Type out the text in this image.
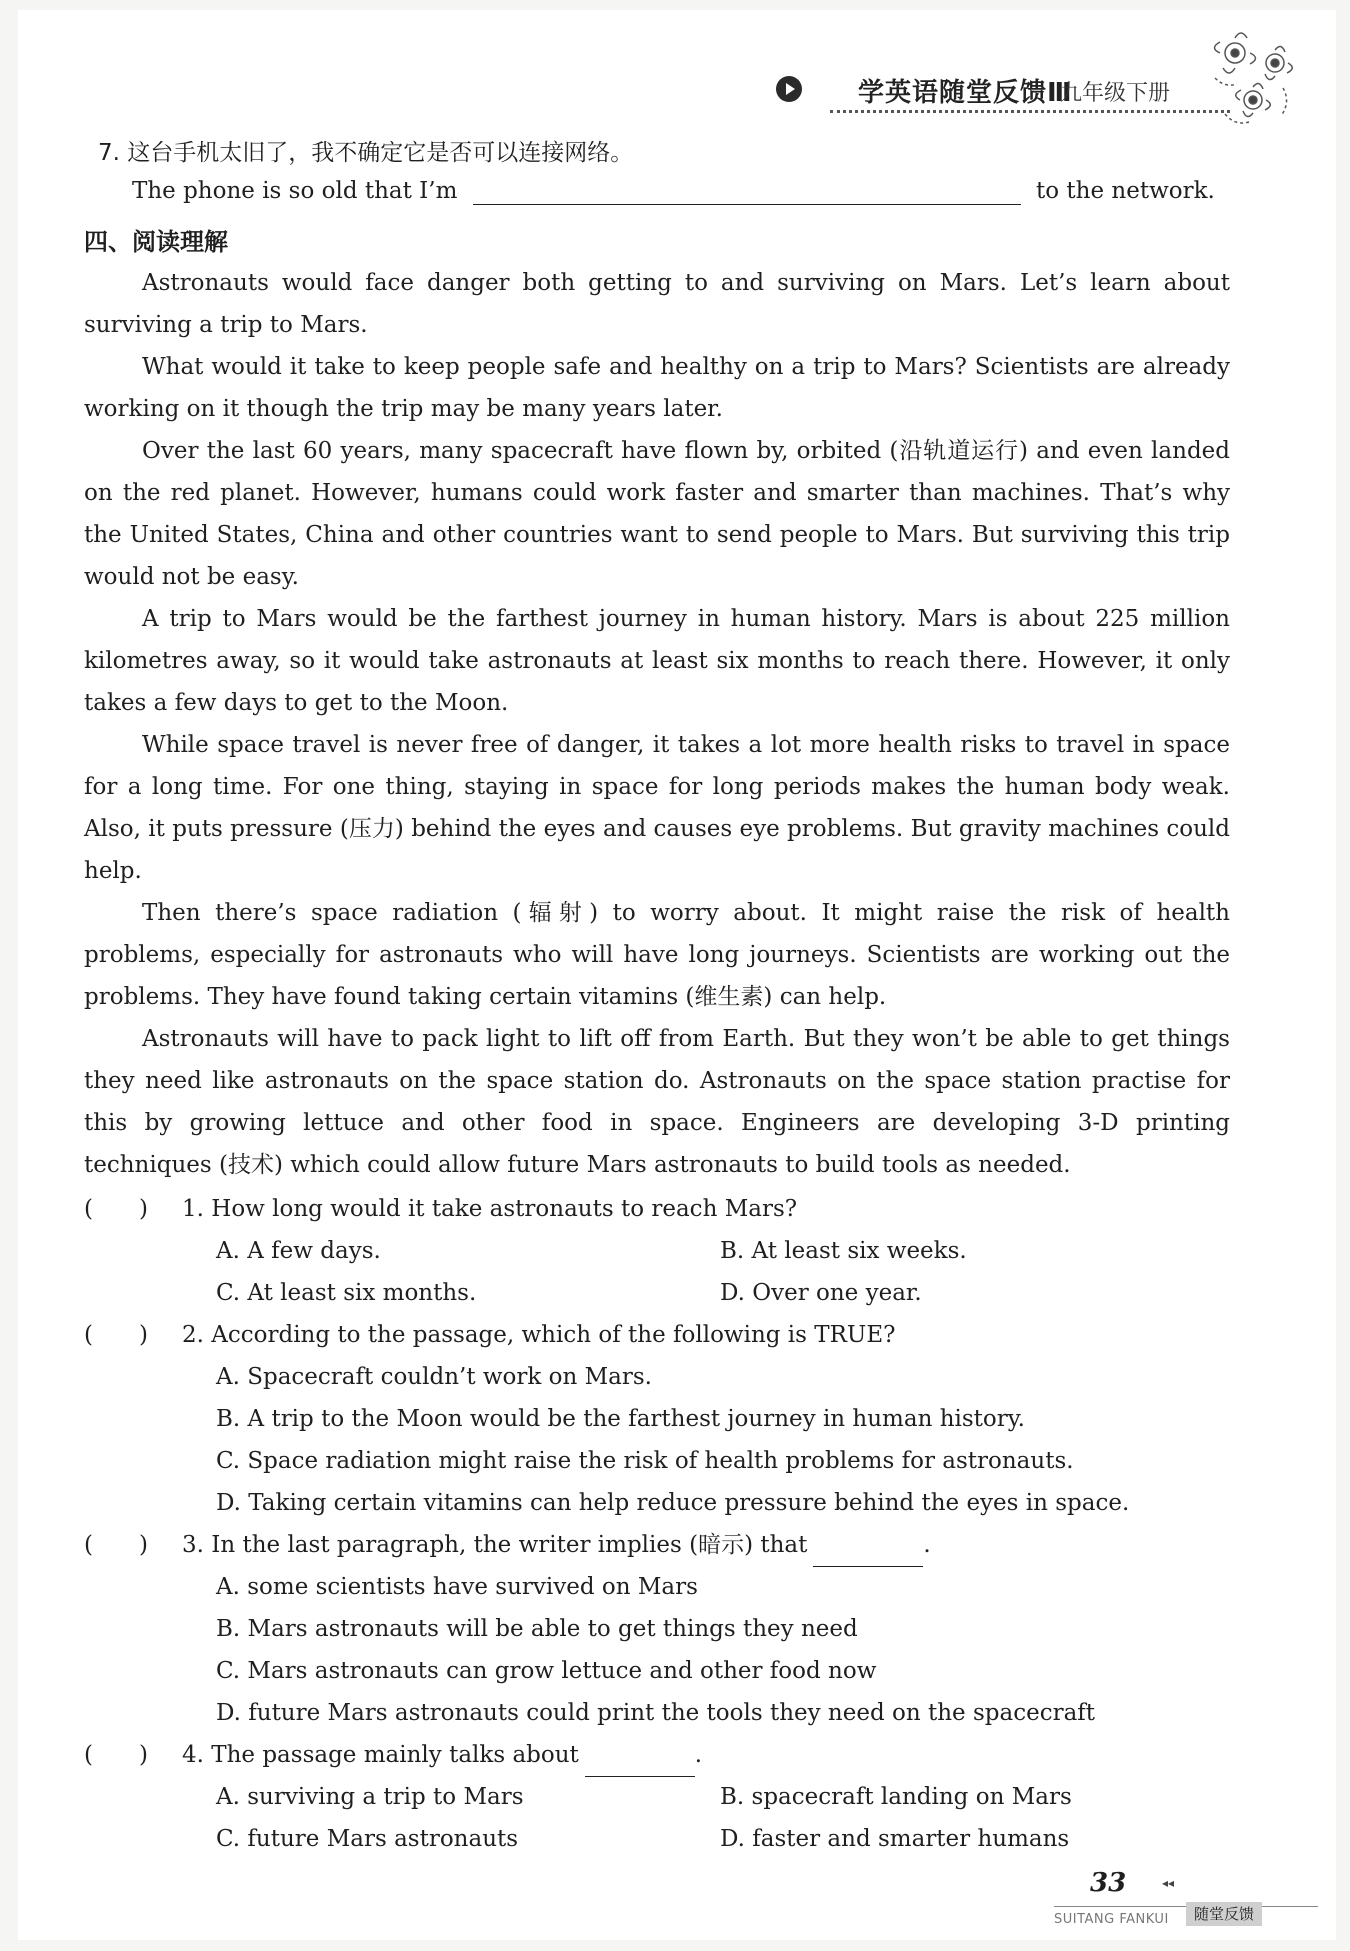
学英语随堂反馈Ⅲ
九年级下册
7. 这台手机太旧了，我不确定它是否可以连接网络。
The phone is so old that I’m	to the network.
四、阅读理解

Astronauts would face danger both getting to and surviving on Mars. Let’s learn about surviving a trip to Mars.

What would it take to keep people safe and healthy on a trip to Mars? Scientists are already working on it though the trip may be many years later.

Over the last 60 years, many spacecraft have flown by, orbited (沿轨道运行) and even landed on the red planet. However, humans could work faster and smarter than machines. That’s why the United States, China and other countries want to send people to Mars. But surviving this trip would not be easy.

A trip to Mars would be the farthest journey in human history. Mars is about 225 million kilometres away, so it would take astronauts at least six months to reach there. However, it only takes a few days to get to the Moon.

While space travel is never free of danger, it takes a lot more health risks to travel in space for a long time. For one thing, staying in space for long periods makes the human body weak. Also, it puts pressure (压力) behind the eyes and causes eye problems. But gravity machines could help.

Then there’s space radiation (辐射) to worry about. It might raise the risk of health problems, especially for astronauts who will have long journeys. Scientists are working out the problems. They have found taking certain vitamins (维生素) can help.

Astronauts will have to pack light to lift off from Earth. But they won’t be able to get things they need like astronauts on the space station do. Astronauts on the space station practise for this by growing lettuce and other food in space. Engineers are developing 3-D printing techniques (技术) which could allow future Mars astronauts to build tools as needed.

(　　) 1. How long would it take astronauts to reach Mars?
A. A few days.	B. At least six weeks.
C. At least six months.	D. Over one year.
(　　) 2. According to the passage, which of the following is TRUE?
A. Spacecraft couldn’t work on Mars.
B. A trip to the Moon would be the farthest journey in human history.
C. Space radiation might raise the risk of health problems for astronauts.
D. Taking certain vitamins can help reduce pressure behind the eyes in space.
(　　) 3. In the last paragraph, the writer implies (暗示) that	.
A. some scientists have survived on Mars
B. Mars astronauts will be able to get things they need
C. Mars astronauts can grow lettuce and other food now
D. future Mars astronauts could print the tools they need on the spacecraft
(　　) 4. The passage mainly talks about	.
A. surviving a trip to Mars	B. spacecraft landing on Mars
C. future Mars astronauts	D. faster and smarter humans
33	◂◂
SUITANG FANKUI	随堂反馈
